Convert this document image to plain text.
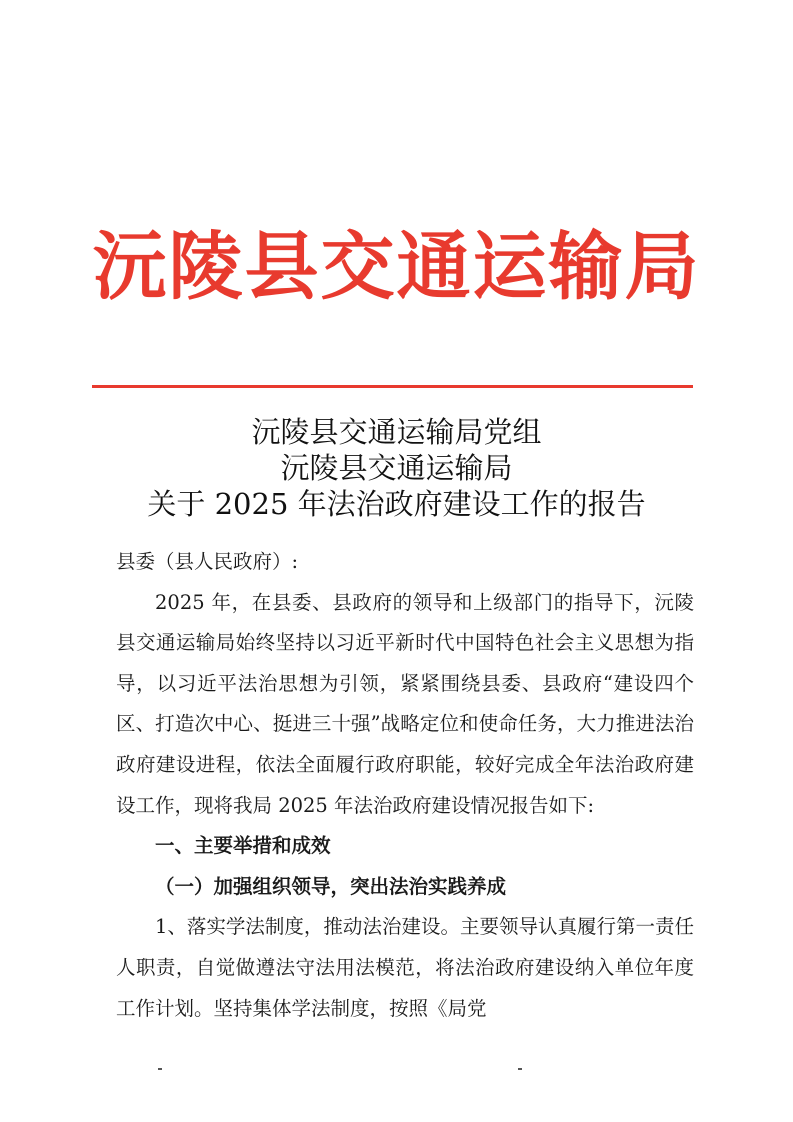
沅陵县交通运输局
沅陵县交通运输局党组
沅陵县交通运输局
关于 2025 年法治政府建设工作的报告
县委（县人民政府）:
2025 年，在县委、县政府的领导和上级部门的指导下，沅陵县交通运输局始终坚持以习近平新时代中国特色社会主义思想为指导，以习近平法治思想为引领，紧紧围绕县委、县政府“建设四个区、打造次中心、挺进三十强”战略定位和使命任务，大力推进法治政府建设进程，依法全面履行政府职能，较好完成全年法治政府建设工作，现将我局 2025 年法治政府建设情况报告如下:
一、主要举措和成效
（一）加强组织领导，突出法治实践养成
1、落实学法制度，推动法治建设。主要领导认真履行第一责任人职责，自觉做遵法守法用法模范，将法治政府建设纳入单位年度工作计划。坚持集体学法制度，按照《局党
